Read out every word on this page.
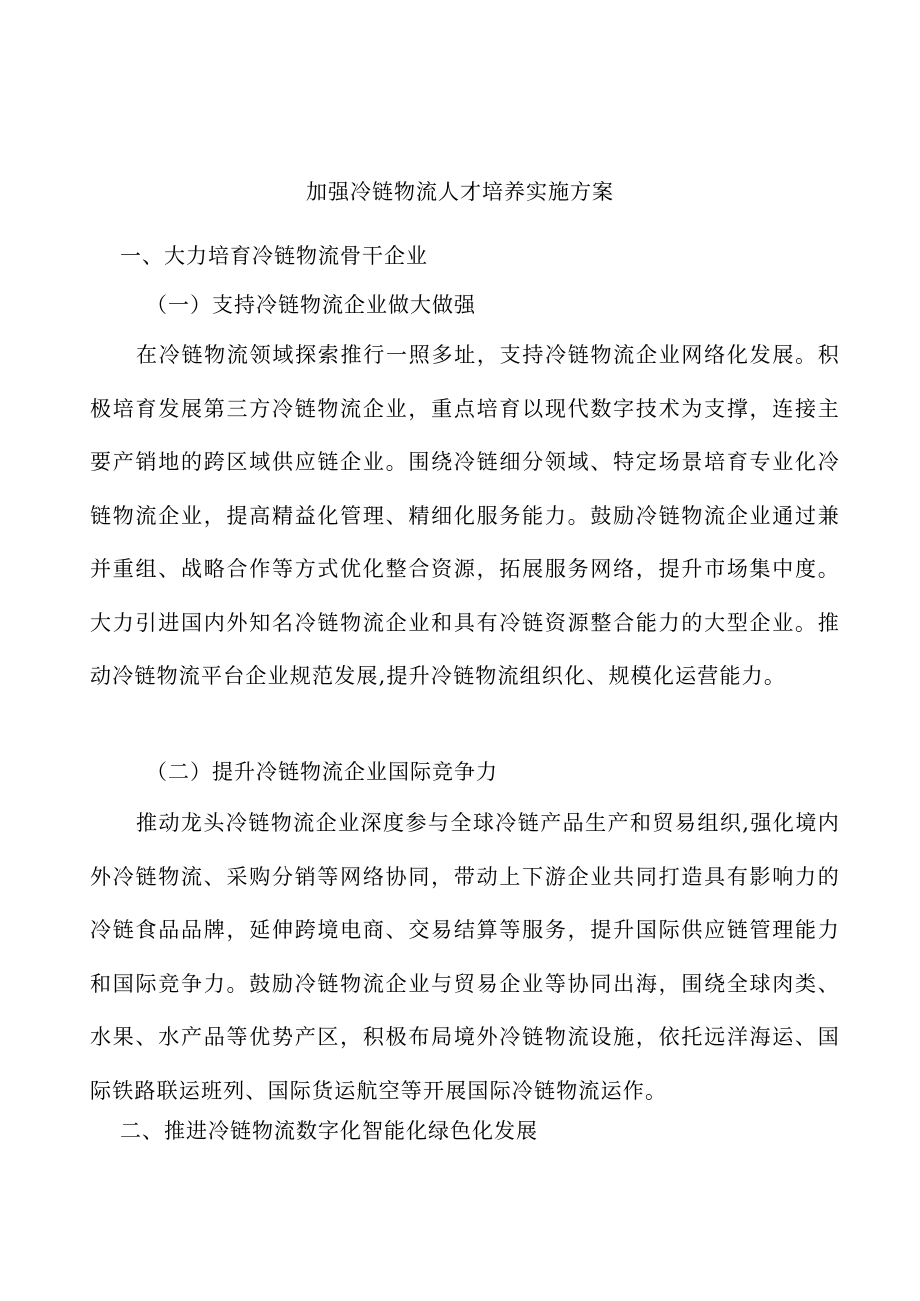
加强冷链物流人才培养实施方案
一、大力培育冷链物流骨干企业
（一）支持冷链物流企业做大做强

在冷链物流领域探索推行一照多址，支持冷链物流企业网络化发展。积极培育发展第三方冷链物流企业，重点培育以现代数字技术为支撑，连接主要产销地的跨区域供应链企业。围绕冷链细分领域、特定场景培育专业化冷链物流企业，提高精益化管理、精细化服务能力。鼓励冷链物流企业通过兼并重组、战略合作等方式优化整合资源，拓展服务网络，提升市场集中度。大力引进国内外知名冷链物流企业和具有冷链资源整合能力的大型企业。推动冷链物流平台企业规范发展,提升冷链物流组织化、规模化运营能力。

（二）提升冷链物流企业国际竞争力

推动龙头冷链物流企业深度参与全球冷链产品生产和贸易组织,强化境内外冷链物流、采购分销等网络协同，带动上下游企业共同打造具有影响力的冷链食品品牌，延伸跨境电商、交易结算等服务，提升国际供应链管理能力和国际竞争力。鼓励冷链物流企业与贸易企业等协同出海，围绕全球肉类、水果、水产品等优势产区，积极布局境外冷链物流设施，依托远洋海运、国际铁路联运班列、国际货运航空等开展国际冷链物流运作。

二、推进冷链物流数字化智能化绿色化发展
